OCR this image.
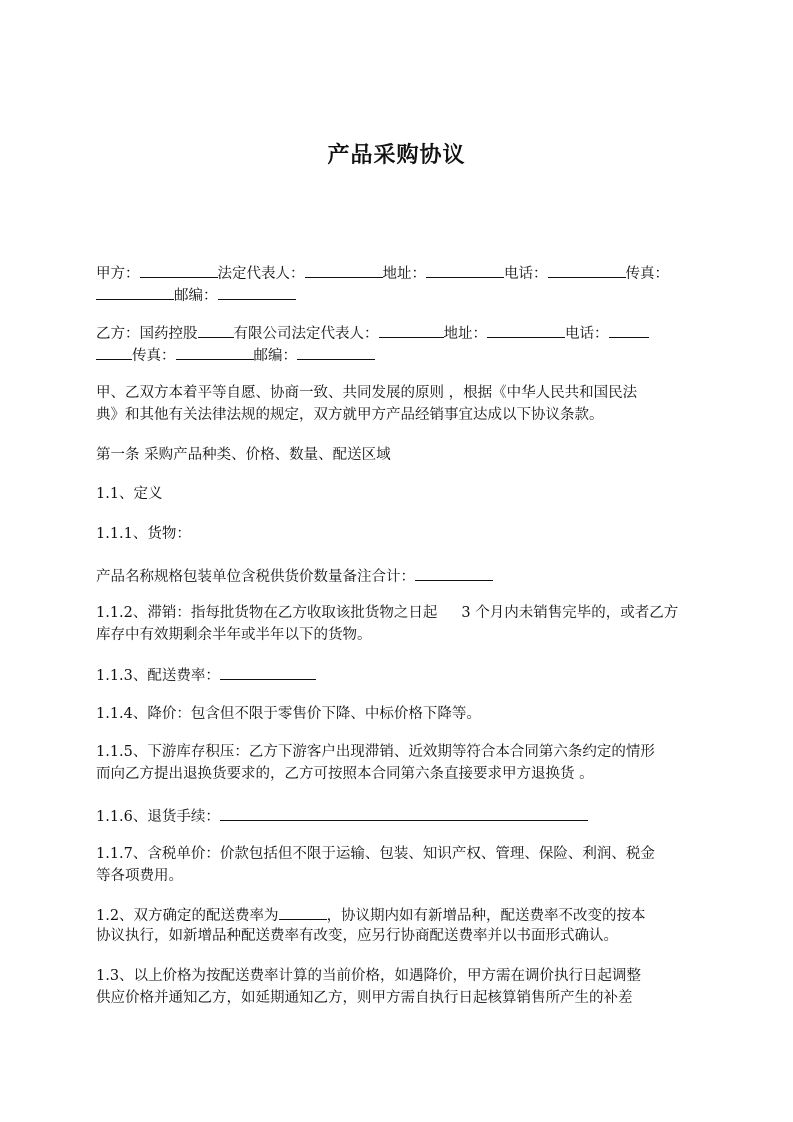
产品采购协议
甲方：	法定代表人：	地址：	电话：	传真：
邮编：
乙方：国药控股 有限公司法定代表人：	地址：	电话：
传真：	邮编：
甲、乙双方本着平等自愿、协商一致、共同发展的原则 ，根据《中华人民共和国民法
典》和其他有关法律法规的规定，双方就甲方产品经销事宜达成以下协议条款。
第一条 采购产品种类、价格、数量、配送区域
1.1、定义
1.1.1、货物：
产品名称规格包装单位含税供货价数量备注合计：
1.1.2、滞销：指每批货物在乙方收取该批货物之日起 3 个月内未销售完毕的，或者乙方
库存中有效期剩余半年或半年以下的货物。
1.1.3、配送费率：
1.1.4、降价：包含但不限于零售价下降、中标价格下降等。
1.1.5、下游库存积压：乙方下游客户出现滞销、近效期等符合本合同第六条约定的情形
而向乙方提出退换货要求的，乙方可按照本合同第六条直接要求甲方退换货 。
1.1.6、退货手续：
1.1.7、含税单价：价款包括但不限于运输、包装、知识产权、管理、保险、利润、税金
等各项费用。
1.2、双方确定的配送费率为	，协议期内如有新增品种，配送费率不改变的按本
协议执行，如新增品种配送费率有改变，应另行协商配送费率并以书面形式确认。
1.3、以上价格为按配送费率计算的当前价格，如遇降价，甲方需在调价执行日起调整
供应价格并通知乙方，如延期通知乙方，则甲方需自执行日起核算销售所产生的补差
